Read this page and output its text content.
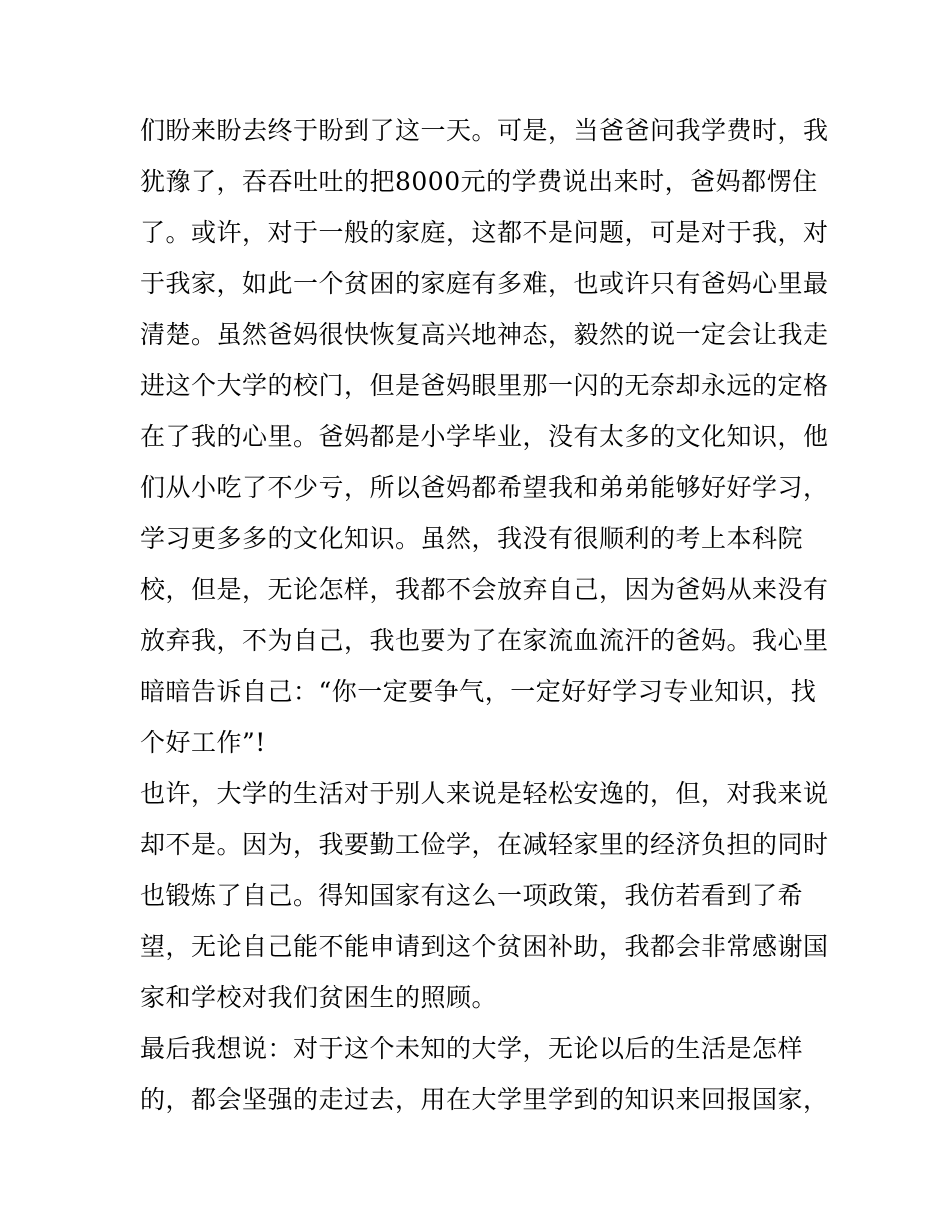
们盼来盼去终于盼到了这一天。可是，当爸爸问我学费时，我
犹豫了，吞吞吐吐的把8000元的学费说出来时，爸妈都愣住
了。或许，对于一般的家庭，这都不是问题，可是对于我，对
于我家，如此一个贫困的家庭有多难，也或许只有爸妈心里最
清楚。虽然爸妈很快恢复高兴地神态，毅然的说一定会让我走
进这个大学的校门，但是爸妈眼里那一闪的无奈却永远的定格
在了我的心里。爸妈都是小学毕业，没有太多的文化知识，他
们从小吃了不少亏，所以爸妈都希望我和弟弟能够好好学习，
学习更多多的文化知识。虽然，我没有很顺利的考上本科院
校，但是，无论怎样，我都不会放弃自己，因为爸妈从来没有
放弃我，不为自己，我也要为了在家流血流汗的爸妈。我心里
暗暗告诉自己：“你一定要争气，一定好好学习专业知识，找
个好工作”!
也许，大学的生活对于别人来说是轻松安逸的，但，对我来说
却不是。因为，我要勤工俭学，在减轻家里的经济负担的同时
也锻炼了自己。得知国家有这么一项政策，我仿若看到了希
望，无论自己能不能申请到这个贫困补助，我都会非常感谢国
家和学校对我们贫困生的照顾。
最后我想说：对于这个未知的大学，无论以后的生活是怎样
的，都会坚强的走过去，用在大学里学到的知识来回报国家，
